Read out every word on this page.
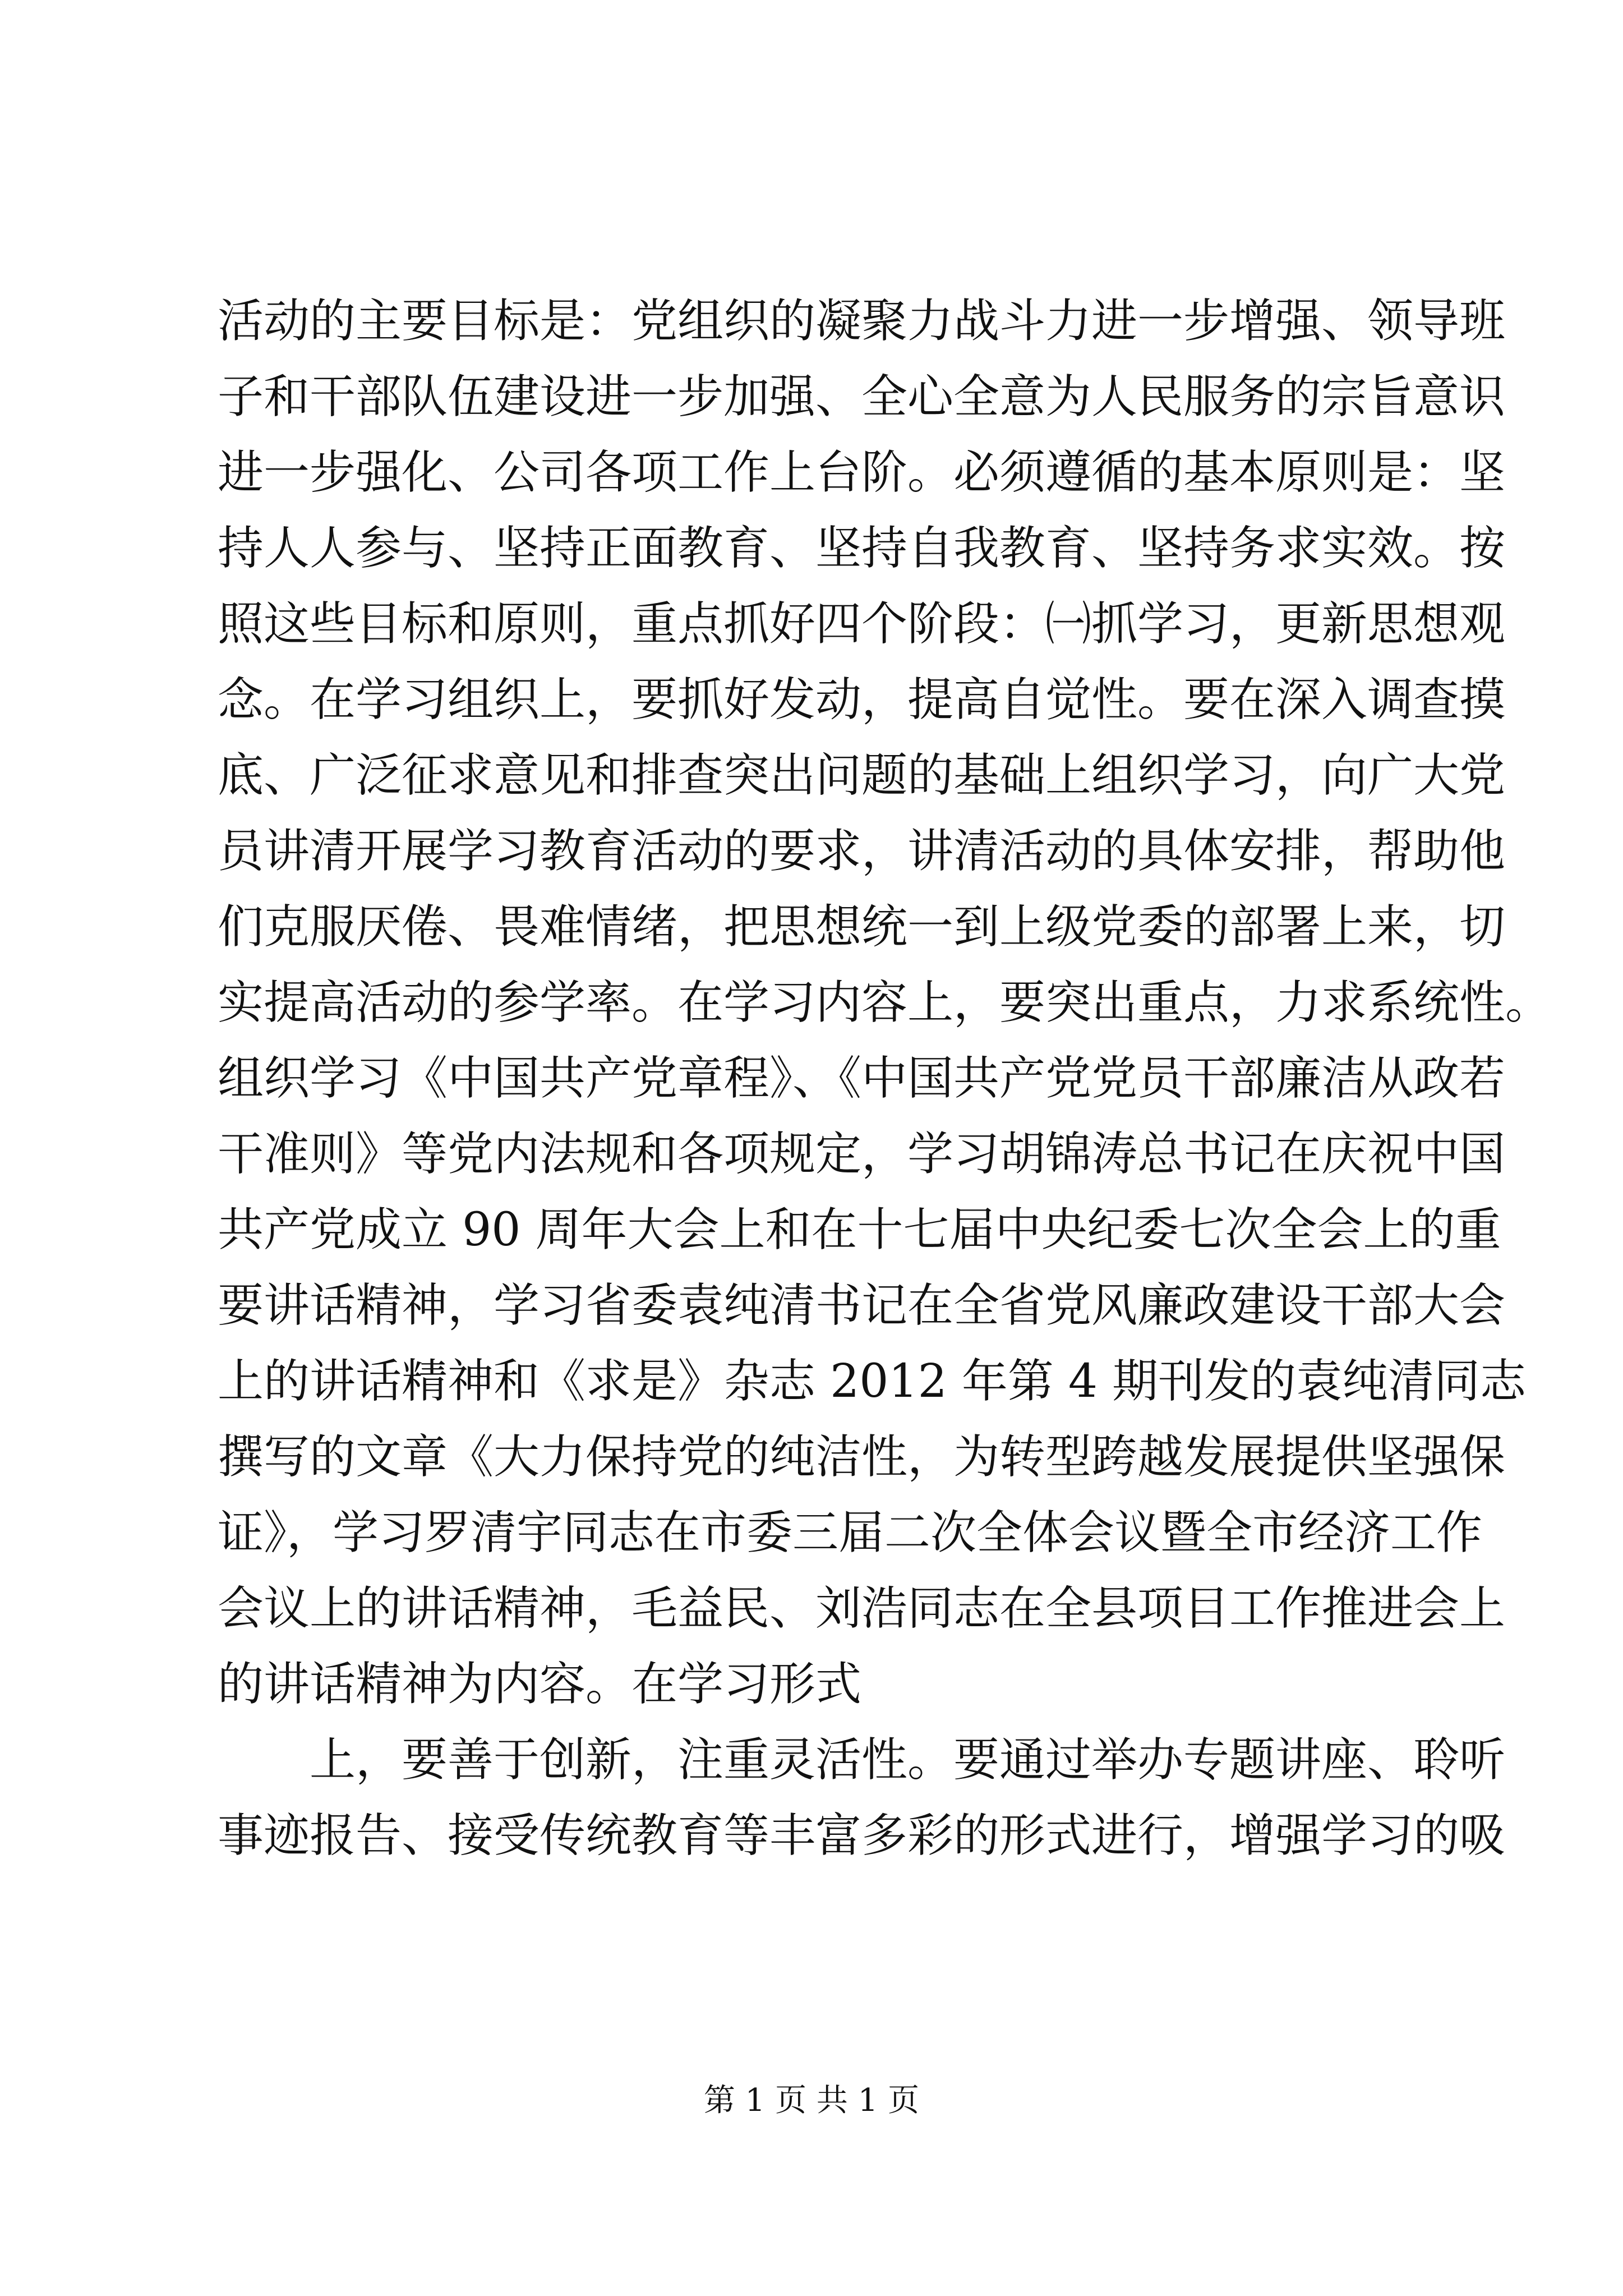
活动的主要目标是：党组织的凝聚力战斗力进一步增强、领导班
子和干部队伍建设进一步加强、全心全意为人民服务的宗旨意识
进一步强化、公司各项工作上台阶。必须遵循的基本原则是：坚
持人人参与、坚持正面教育、坚持自我教育、坚持务求实效。按
照这些目标和原则，重点抓好四个阶段：㈠抓学习，更新思想观
念。在学习组织上，要抓好发动，提高自觉性。要在深入调查摸
底、广泛征求意见和排查突出问题的基础上组织学习，向广大党
员讲清开展学习教育活动的要求，讲清活动的具体安排，帮助他
们克服厌倦、畏难情绪，把思想统一到上级党委的部署上来，切
实提高活动的参学率。在学习内容上，要突出重点，力求系统性。
组织学习《中国共产党章程》、《中国共产党党员干部廉洁从政若
干准则》等党内法规和各项规定，学习胡锦涛总书记在庆祝中国
共产党成立 90 周年大会上和在十七届中央纪委七次全会上的重
要讲话精神，学习省委袁纯清书记在全省党风廉政建设干部大会
上的讲话精神和《求是》杂志 2012 年第 4 期刊发的袁纯清同志
撰写的文章《大力保持党的纯洁性，为转型跨越发展提供坚强保
证》，学习罗清宇同志在市委三届二次全体会议暨全市经济工作
会议上的讲话精神，毛益民、刘浩同志在全县项目工作推进会上
的讲话精神为内容。在学习形式
上，要善于创新，注重灵活性。要通过举办专题讲座、聆听
事迹报告、接受传统教育等丰富多彩的形式进行，增强学习的吸
第 1 页 共 1 页
